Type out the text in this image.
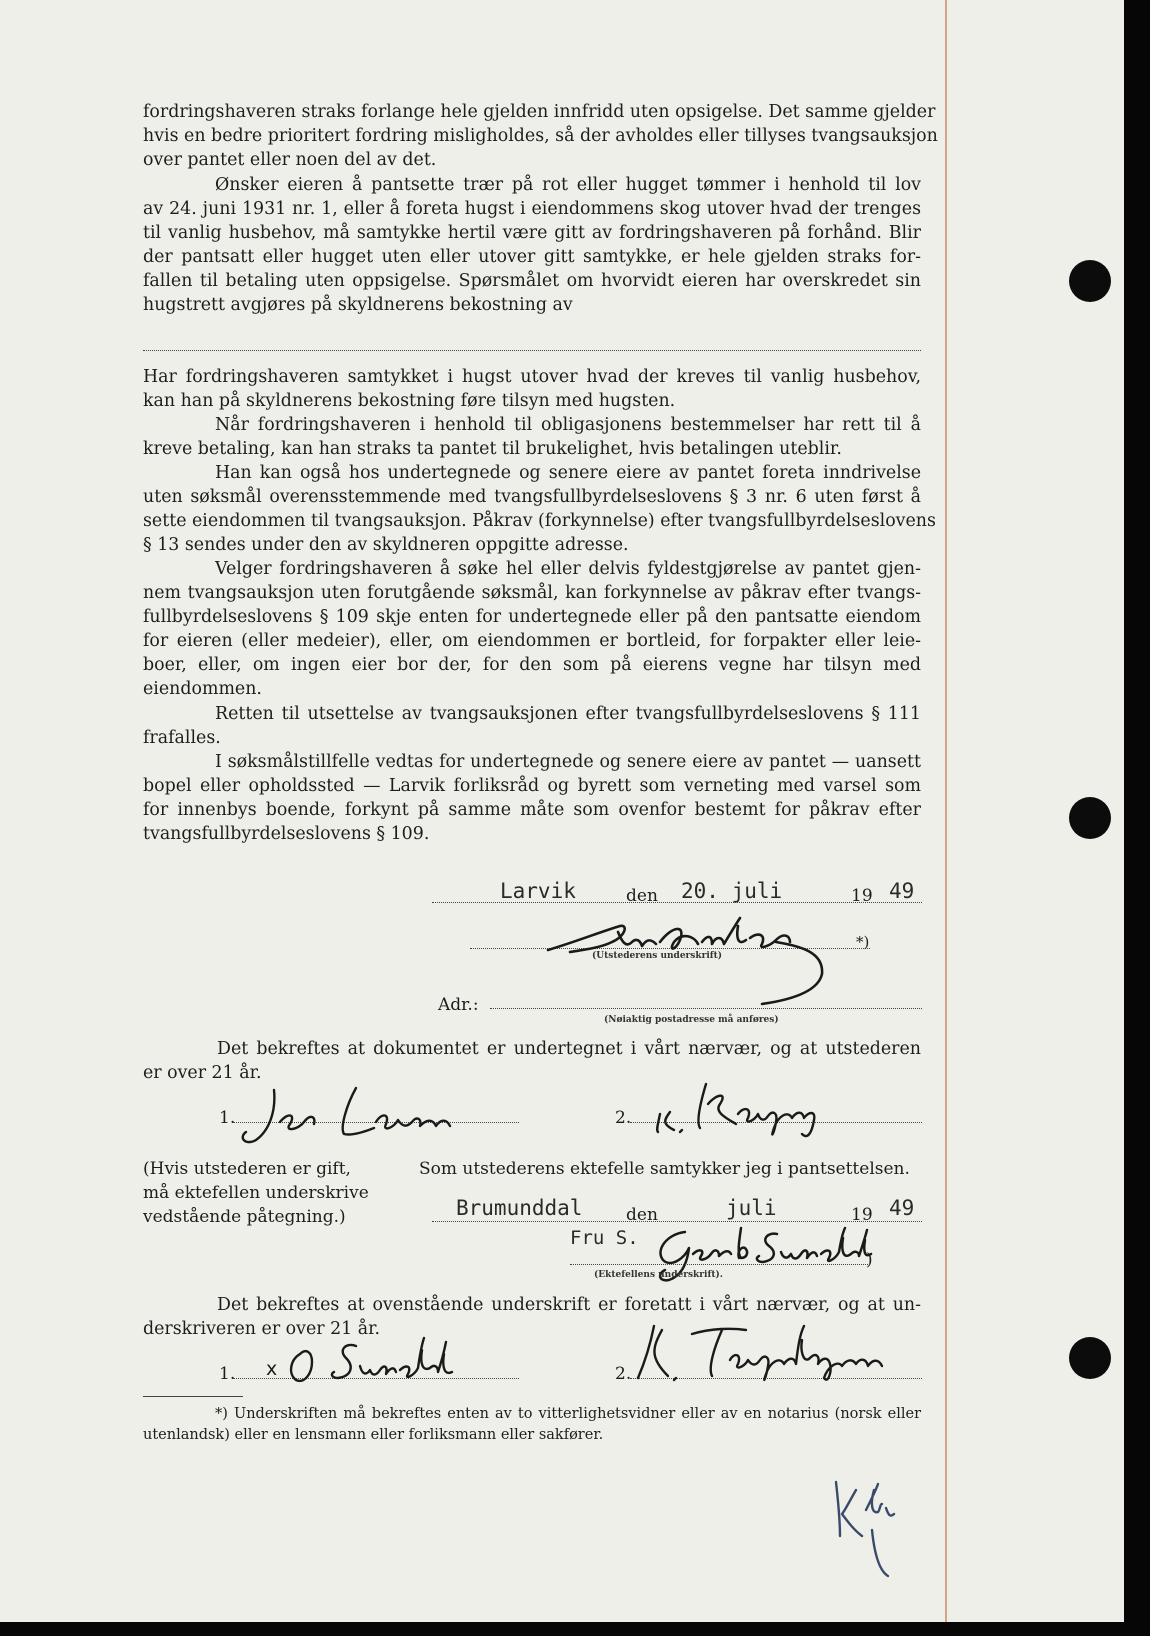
fordringshaveren straks forlange hele gjelden innfridd uten opsigelse. Det samme gjelder
hvis en bedre prioritert fordring misligholdes, så der avholdes eller tillyses tvangsauksjon
over pantet eller noen del av det.
Ønsker eieren å pantsette trær på rot eller hugget tømmer i henhold til lov
av 24. juni 1931 nr. 1, eller å foreta hugst i eiendommens skog utover hvad der trenges
til vanlig husbehov, må samtykke hertil være gitt av fordringshaveren på forhånd. Blir
der pantsatt eller hugget uten eller utover gitt samtykke, er hele gjelden straks for-
fallen til betaling uten oppsigelse. Spørsmålet om hvorvidt eieren har overskredet sin
hugstrett avgjøres på skyldnerens bekostning av
Har fordringshaveren samtykket i hugst utover hvad der kreves til vanlig husbehov,
kan han på skyldnerens bekostning føre tilsyn med hugsten.
Når fordringshaveren i henhold til obligasjonens bestemmelser har rett til å
kreve betaling, kan han straks ta pantet til brukelighet, hvis betalingen uteblir.
Han kan også hos undertegnede og senere eiere av pantet foreta inndrivelse
uten søksmål overensstemmende med tvangsfullbyrdelseslovens § 3 nr. 6 uten først å
sette eiendommen til tvangsauksjon. Påkrav (forkynnelse) efter tvangsfullbyrdelseslovens
§ 13 sendes under den av skyldneren oppgitte adresse.
Velger fordringshaveren å søke hel eller delvis fyldestgjørelse av pantet gjen-
nem tvangsauksjon uten forutgående søksmål, kan forkynnelse av påkrav efter tvangs-
fullbyrdelseslovens § 109 skje enten for undertegnede eller på den pantsatte eiendom
for eieren (eller medeier), eller, om eiendommen er bortleid, for forpakter eller leie-
boer, eller, om ingen eier bor der, for den som på eierens vegne har tilsyn med
eiendommen.
Retten til utsettelse av tvangsauksjonen efter tvangsfullbyrdelseslovens § 111
frafalles.
I søksmålstillfelle vedtas for undertegnede og senere eiere av pantet — uansett
bopel eller opholdssted — Larvik forliksråd og byrett som verneting med varsel som
for innenbys boende, forkynt på samme måte som ovenfor bestemt for påkrav efter
tvangsfullbyrdelseslovens § 109.
Larvik	den 20. juli	19 49
*)
(Utstederens underskrift)
Adr.:
(Nøiaktig postadresse må anføres)
Det bekreftes at dokumentet er undertegnet i vårt nærvær, og at utstederen
er over 21 år.
1.	2.
(Hvis utstederen er gift,
må ektefellen underskrive
vedstående påtegning.)
Som utstederens ektefelle samtykker jeg i pantsettelsen.
Brumunddal	den	juli	19 49
Fru S.
)
(Ektefellens underskrift).
Det bekreftes at ovenstående underskrift er foretatt i vårt nærvær, og at un-
derskriveren er over 21 år.
1. x	2.
*) Underskriften må bekreftes enten av to vitterlighetsvidner eller av en notarius (norsk eller
utenlandsk) eller en lensmann eller forliksmann eller sakfører.
